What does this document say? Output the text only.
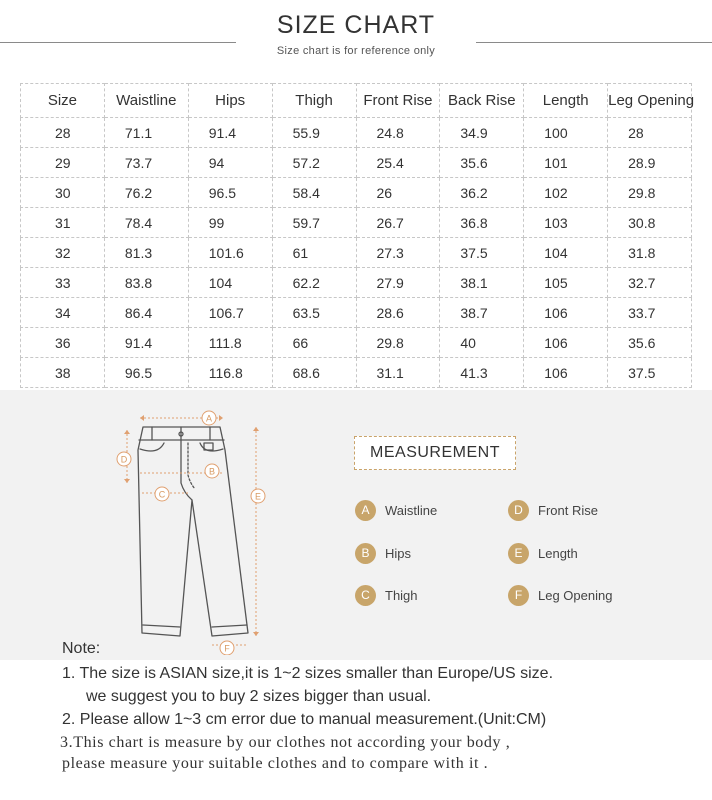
SIZE CHART
Size chart is for reference only
Size	Waistline	Hips	Thigh	Front Rise	Back Rise	Length	Leg Opening
28	71.1	91.4	55.9	24.8	34.9	100	28
29	73.7	94	57.2	25.4	35.6	101	28.9
30	76.2	96.5	58.4	26	36.2	102	29.8
31	78.4	99	59.7	26.7	36.8	103	30.8
32	81.3	101.6	61	27.3	37.5	104	31.8
33	83.8	104	62.2	27.9	38.1	105	32.7
34	86.4	106.7	63.5	28.6	38.7	106	33.7
36	91.4	111.8	66	29.8	40	106	35.6
38	96.5	116.8	68.6	31.1	41.3	106	37.5
A
B
C
D
E
F
MEASUREMENT
A	Waistline
B	Hips
C	Thigh
D	Front Rise
E	Length
F	Leg Opening
Note:
1. The size is ASIAN size,it is 1~2 sizes smaller than Europe/US size.
we suggest you to buy 2 sizes bigger than usual.
2. Please allow 1~3 cm error due to manual measurement.(Unit:CM)
3.This chart is measure by our clothes not according your body ,
please measure your suitable clothes and to compare with it .
